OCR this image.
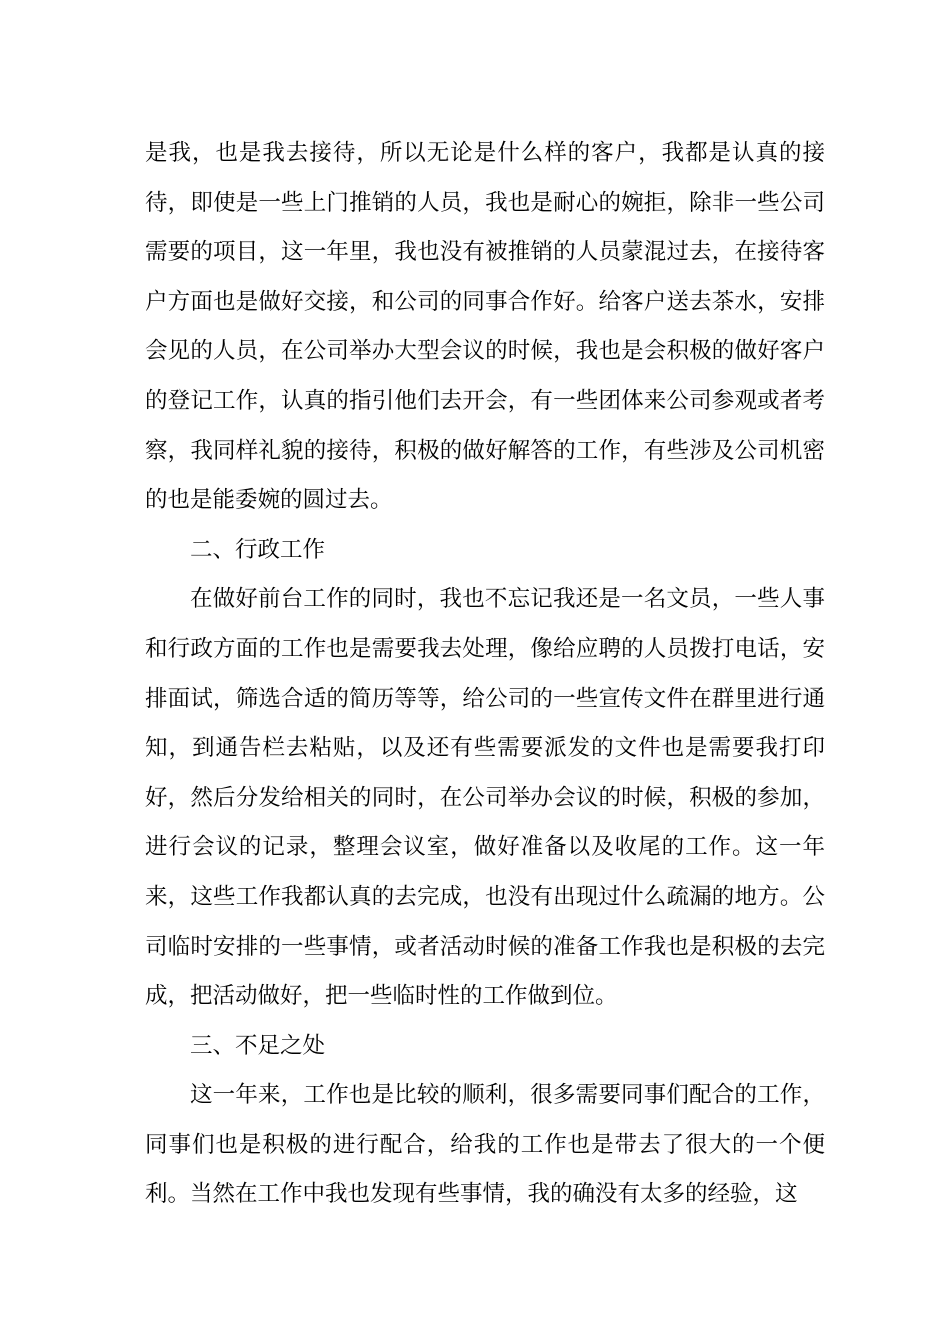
是我，也是我去接待，所以无论是什么样的客户，我都是认真的接待，即使是一些上门推销的人员，我也是耐心的婉拒，除非一些公司需要的项目，这一年里，我也没有被推销的人员蒙混过去，在接待客户方面也是做好交接，和公司的同事合作好。给客户送去茶水，安排会见的人员，在公司举办大型会议的时候，我也是会积极的做好客户的登记工作，认真的指引他们去开会，有一些团体来公司参观或者考察，我同样礼貌的接待，积极的做好解答的工作，有些涉及公司机密的也是能委婉的圆过去。

二、行政工作

在做好前台工作的同时，我也不忘记我还是一名文员，一些人事和行政方面的工作也是需要我去处理，像给应聘的人员拨打电话，安排面试，筛选合适的简历等等，给公司的一些宣传文件在群里进行通知，到通告栏去粘贴，以及还有些需要派发的文件也是需要我打印好，然后分发给相关的同时，在公司举办会议的时候，积极的参加，进行会议的记录，整理会议室，做好准备以及收尾的工作。这一年来，这些工作我都认真的去完成，也没有出现过什么疏漏的地方。公司临时安排的一些事情，或者活动时候的准备工作我也是积极的去完成，把活动做好，把一些临时性的工作做到位。

三、不足之处

这一年来，工作也是比较的顺利，很多需要同事们配合的工作，同事们也是积极的进行配合，给我的工作也是带去了很大的一个便利。当然在工作中我也发现有些事情，我的确没有太多的经验，这
